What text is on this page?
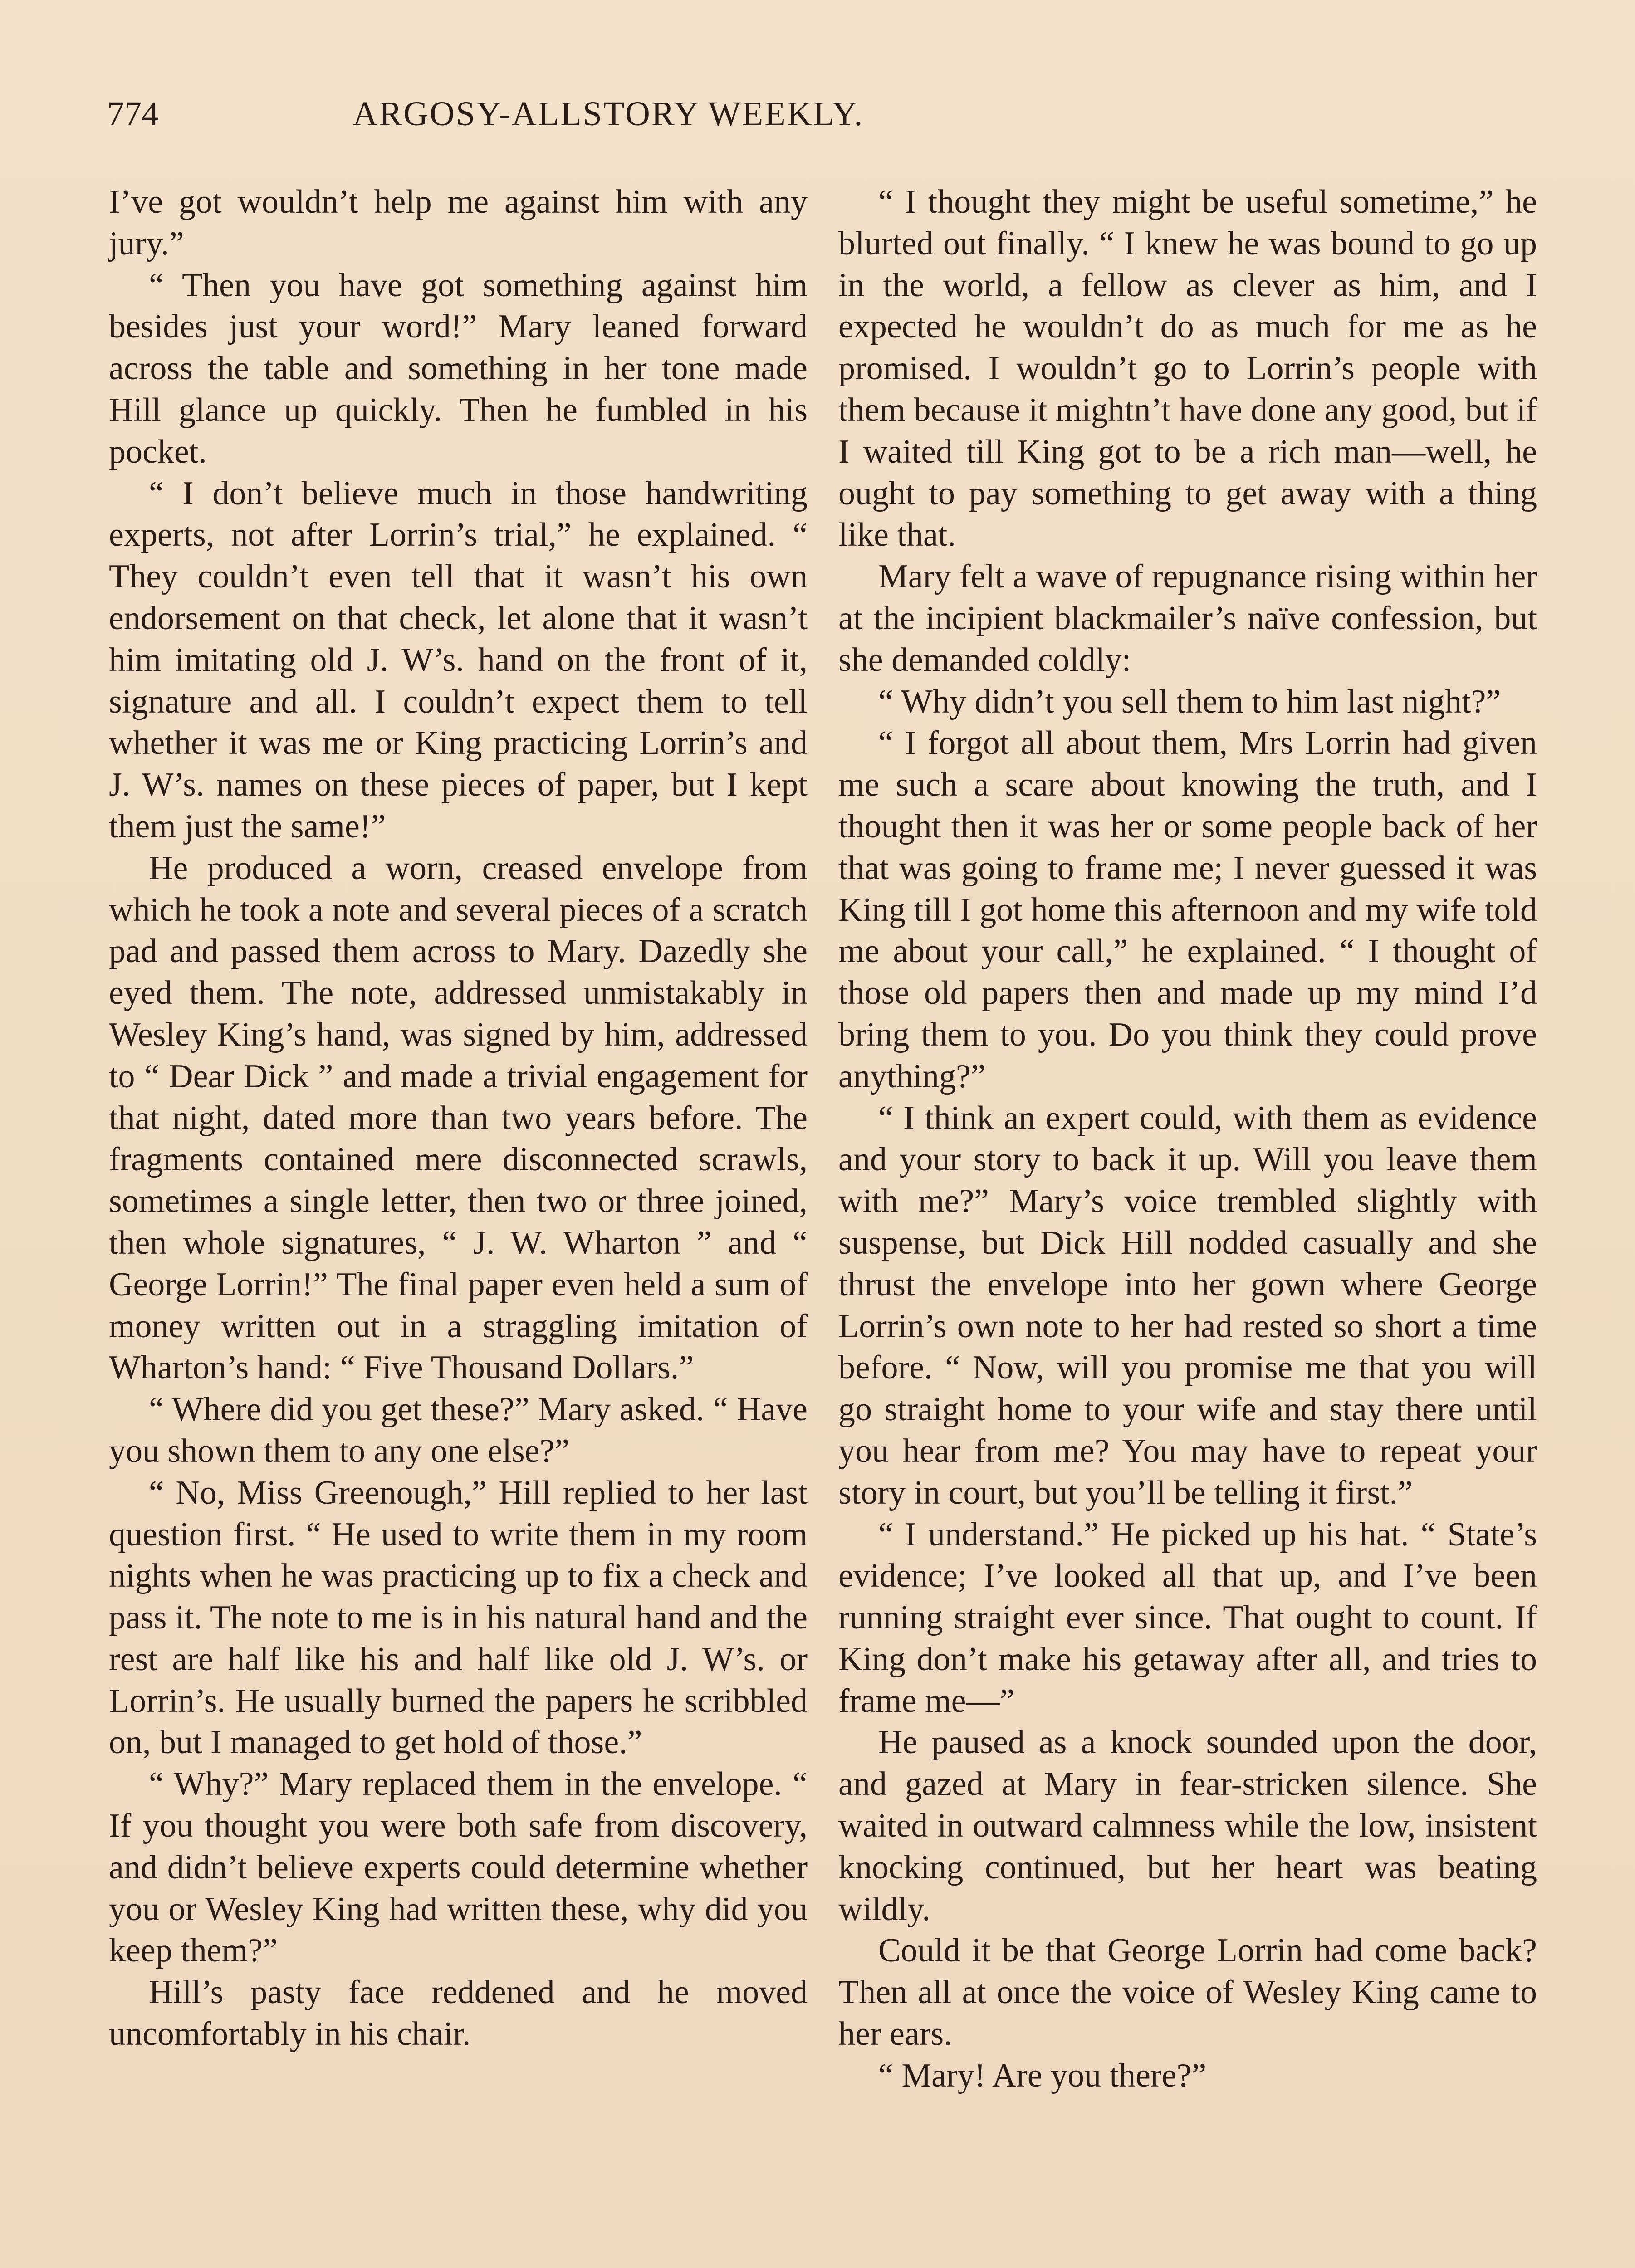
774	ARGOSY-ALLSTORY WEEKLY.

I’ve got wouldn’t help me against him with any jury.”

“ Then you have got something against him besides just your word!” Mary leaned forward across the table and something in her tone made Hill glance up quickly. Then he fumbled in his pocket.

“ I don’t believe much in those handwriting experts, not after Lorrin’s trial,” he explained. “ They couldn’t even tell that it wasn’t his own endorsement on that check, let alone that it wasn’t him imitating old J. W’s. hand on the front of it, signature and all. I couldn’t expect them to tell whether it was me or King practicing Lorrin’s and J. W’s. names on these pieces of paper, but I kept them just the same!”

He produced a worn, creased envelope from which he took a note and several pieces of a scratch pad and passed them across to Mary. Dazedly she eyed them. The note, addressed unmistakably in Wesley King’s hand, was signed by him, addressed to “ Dear Dick ” and made a trivial engagement for that night, dated more than two years before. The fragments contained mere disconnected scrawls, sometimes a single letter, then two or three joined, then whole signatures, “ J. W. Wharton ” and “ George Lorrin!” The final paper even held a sum of money written out in a straggling imitation of Wharton’s hand: “ Five Thousand Dollars.”

“ Where did you get these?” Mary asked. “ Have you shown them to any one else?”

“ No, Miss Greenough,” Hill replied to her last question first. “ He used to write them in my room nights when he was practicing up to fix a check and pass it. The note to me is in his natural hand and the rest are half like his and half like old J. W’s. or Lorrin’s. He usually burned the papers he scribbled on, but I managed to get hold of those.”

“ Why?” Mary replaced them in the envelope. “ If you thought you were both safe from discovery, and didn’t believe experts could determine whether you or Wesley King had written these, why did you keep them?”

Hill’s pasty face reddened and he moved uncomfortably in his chair.

“ I thought they might be useful sometime,” he blurted out finally. “ I knew he was bound to go up in the world, a fellow as clever as him, and I expected he wouldn’t do as much for me as he promised. I wouldn’t go to Lorrin’s people with them because it mightn’t have done any good, but if I waited till King got to be a rich man—well, he ought to pay something to get away with a thing like that.

Mary felt a wave of repugnance rising within her at the incipient blackmailer’s naïve confession, but she demanded coldly:

“ Why didn’t you sell them to him last night?”

“ I forgot all about them, Mrs Lorrin had given me such a scare about knowing the truth, and I thought then it was her or some people back of her that was going to frame me; I never guessed it was King till I got home this afternoon and my wife told me about your call,” he explained. “ I thought of those old papers then and made up my mind I’d bring them to you. Do you think they could prove anything?”

“ I think an expert could, with them as evidence and your story to back it up. Will you leave them with me?” Mary’s voice trembled slightly with suspense, but Dick Hill nodded casually and she thrust the envelope into her gown where George Lorrin’s own note to her had rested so short a time before. “ Now, will you promise me that you will go straight home to your wife and stay there until you hear from me? You may have to repeat your story in court, but you’ll be telling it first.”

“ I understand.” He picked up his hat. “ State’s evidence; I’ve looked all that up, and I’ve been running straight ever since. That ought to count. If King don’t make his getaway after all, and tries to frame me—”

He paused as a knock sounded upon the door, and gazed at Mary in fear-stricken silence. She waited in outward calmness while the low, insistent knocking continued, but her heart was beating wildly.

Could it be that George Lorrin had come back? Then all at once the voice of Wesley King came to her ears.

“ Mary! Are you there?”
